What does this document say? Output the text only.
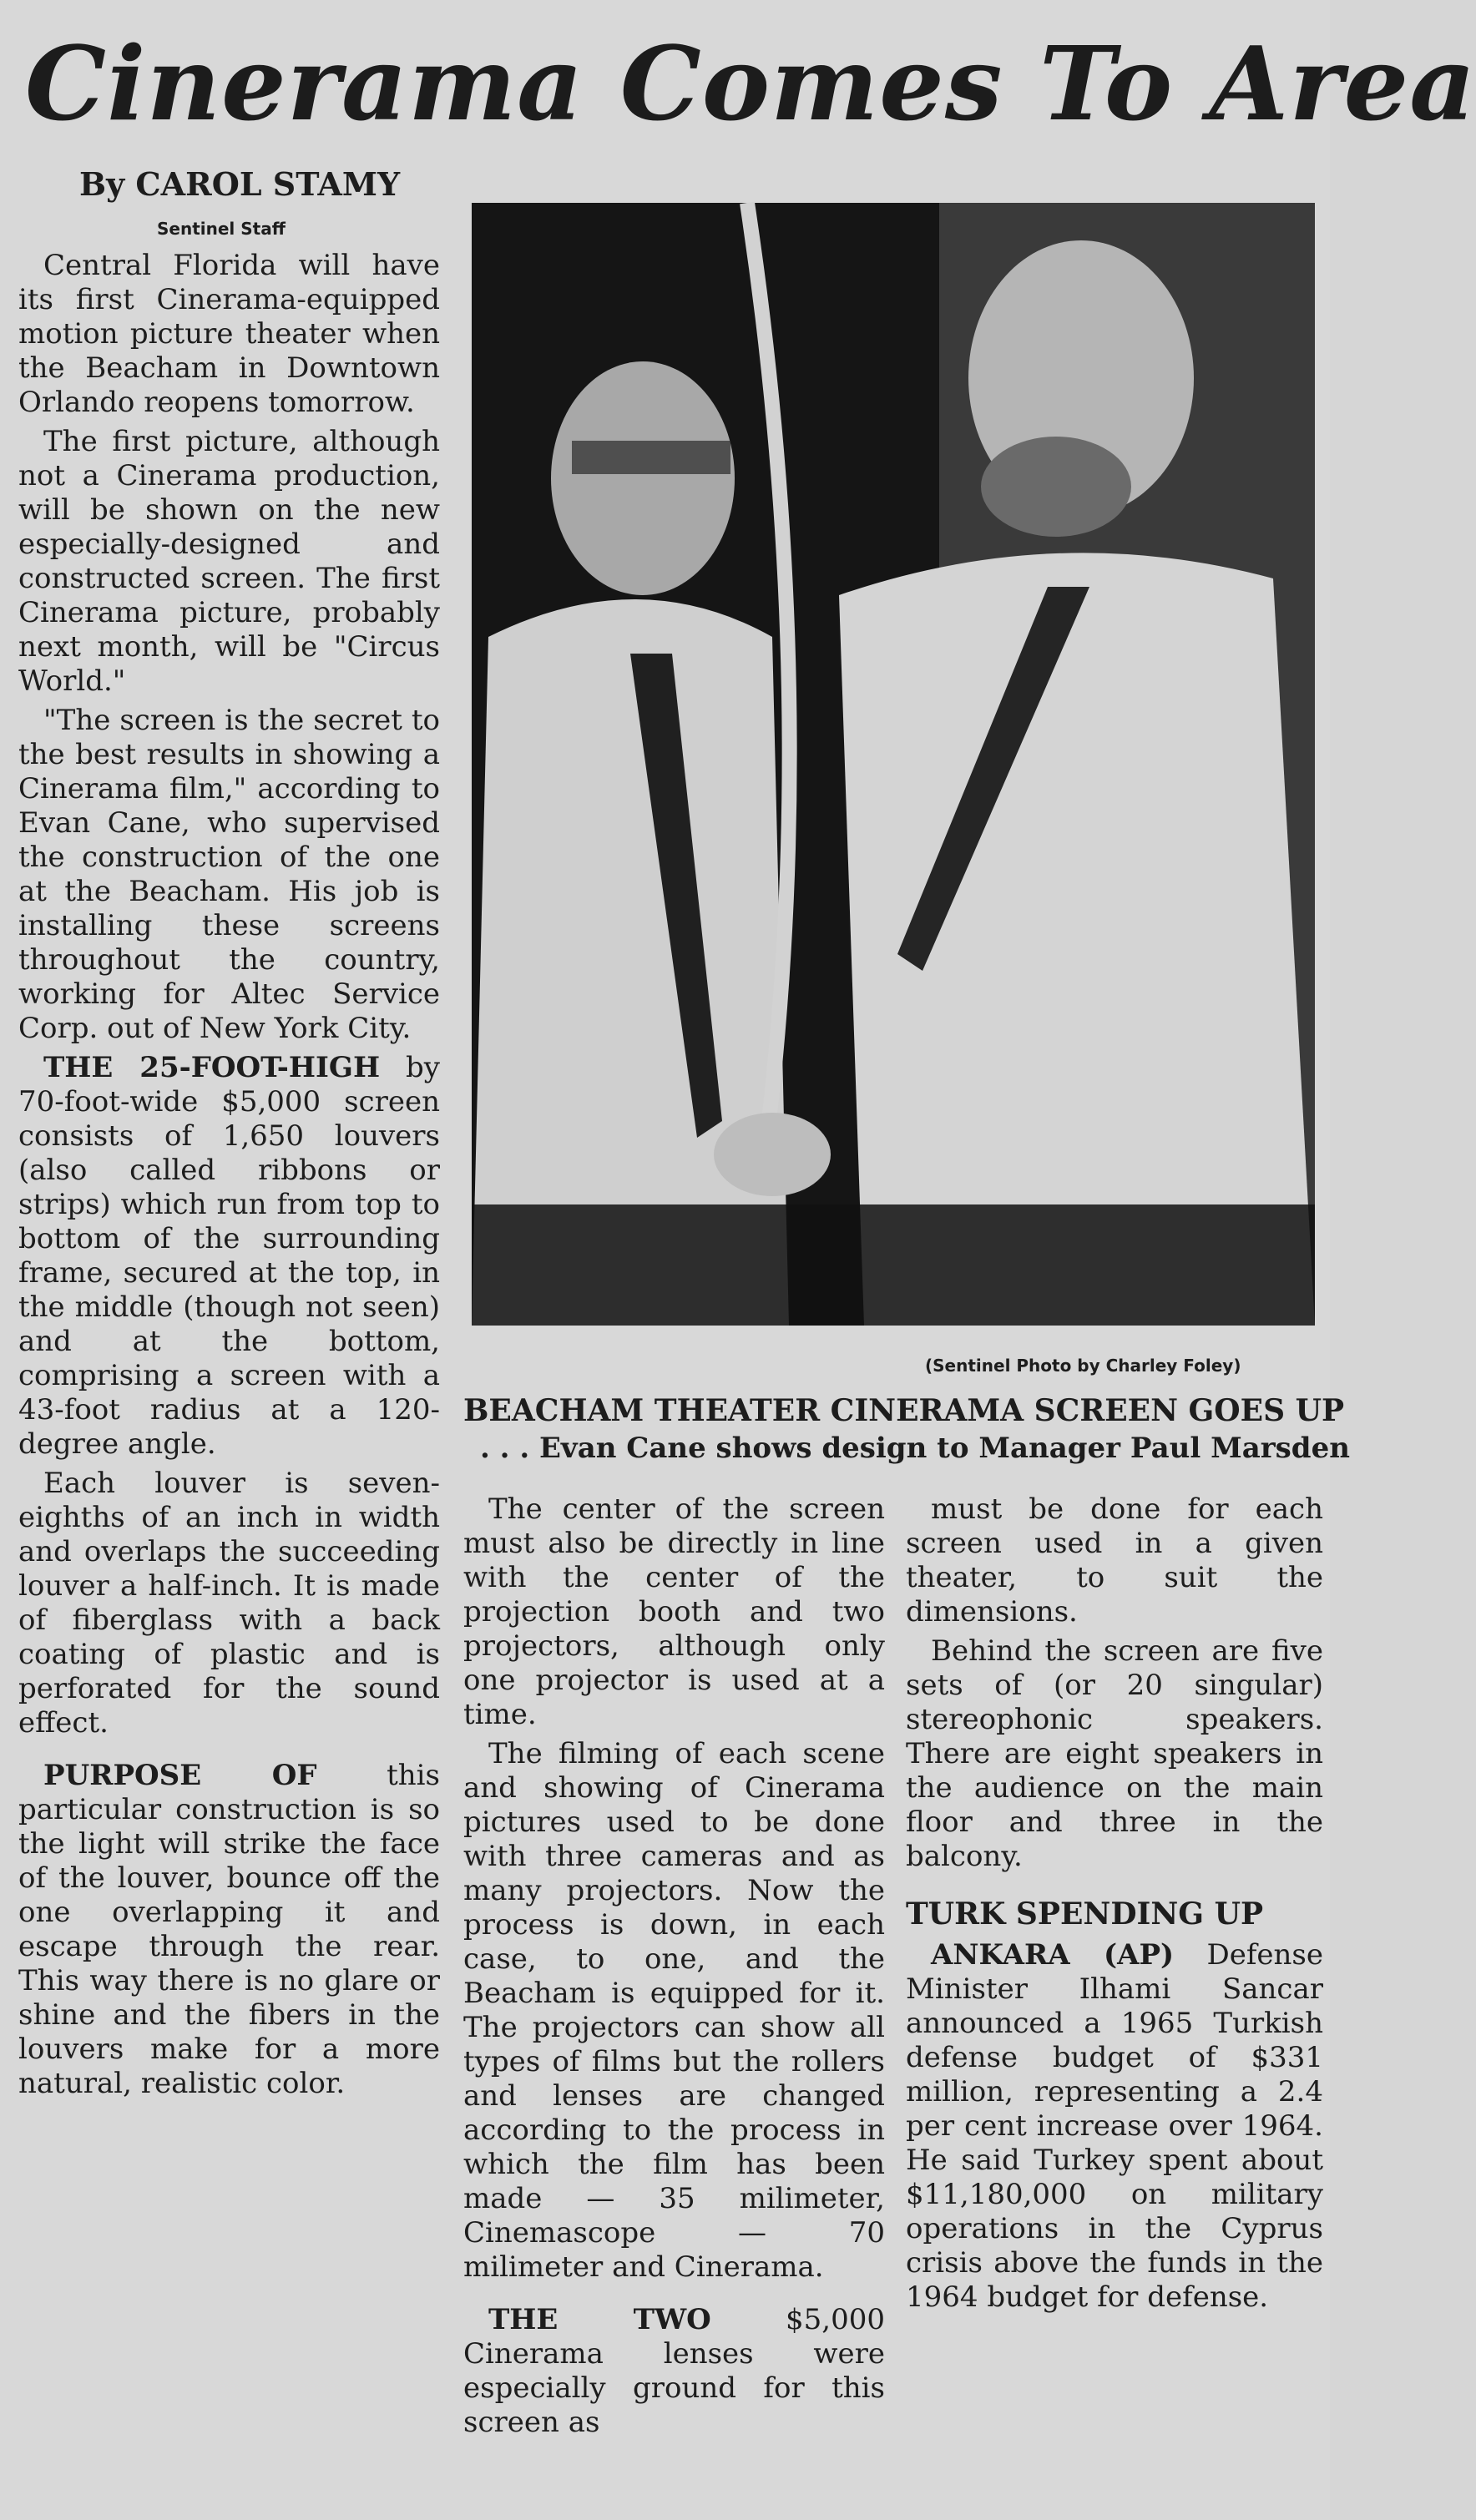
Cinerama Comes To Area
By CAROL STAMY
Sentinel Staff

Central Florida will have its first Cinerama-equipped motion picture theater when the Beacham in Downtown Orlando reopens tomorrow.

The first picture, although not a Cinerama production, will be shown on the new especially-designed and constructed screen. The first Cinerama picture, probably next month, will be "Circus World."

"The screen is the secret to the best results in showing a Cinerama film," according to Evan Cane, who supervised the construction of the one at the Beacham. His job is installing these screens throughout the country, working for Altec Service Corp. out of New York City.

THE 25-FOOT-HIGH by 70-foot-wide $5,000 screen consists of 1,650 louvers (also called ribbons or strips) which run from top to bottom of the surrounding frame, secured at the top, in the middle (though not seen) and at the bottom, comprising a screen with a 43-foot radius at a 120-degree angle.

Each louver is seven-eighths of an inch in width and overlaps the succeeding louver a half-inch. It is made of fiberglass with a back coating of plastic and is perforated for the sound effect.

PURPOSE OF this particular construction is so the light will strike the face of the louver, bounce off the one overlapping it and escape through the rear. This way there is no glare or shine and the fibers in the louvers make for a more natural, realistic color.

(Sentinel Photo by Charley Foley)
BEACHAM THEATER CINERAMA SCREEN GOES UP
. . . Evan Cane shows design to Manager Paul Marsden

The center of the screen must also be directly in line with the center of the projection booth and two projectors, although only one projector is used at a time.

The filming of each scene and showing of Cinerama pictures used to be done with three cameras and as many projectors. Now the process is down, in each case, to one, and the Beacham is equipped for it. The projectors can show all types of films but the rollers and lenses are changed according to the process in which the film has been made — 35 milimeter, Cinemascope — 70 milimeter and Cinerama.

THE TWO $5,000 Cinerama lenses were especially ground for this screen as

must be done for each screen used in a given theater, to suit the dimensions.

Behind the screen are five sets of (or 20 singular) stereophonic speakers. There are eight speakers in the audience on the main floor and three in the balcony.

TURK SPENDING UP

ANKARA (AP) Defense Minister Ilhami Sancar announced a 1965 Turkish defense budget of $331 million, representing a 2.4 per cent increase over 1964. He said Turkey spent about $11,180,000 on military operations in the Cyprus crisis above the funds in the 1964 budget for defense.
